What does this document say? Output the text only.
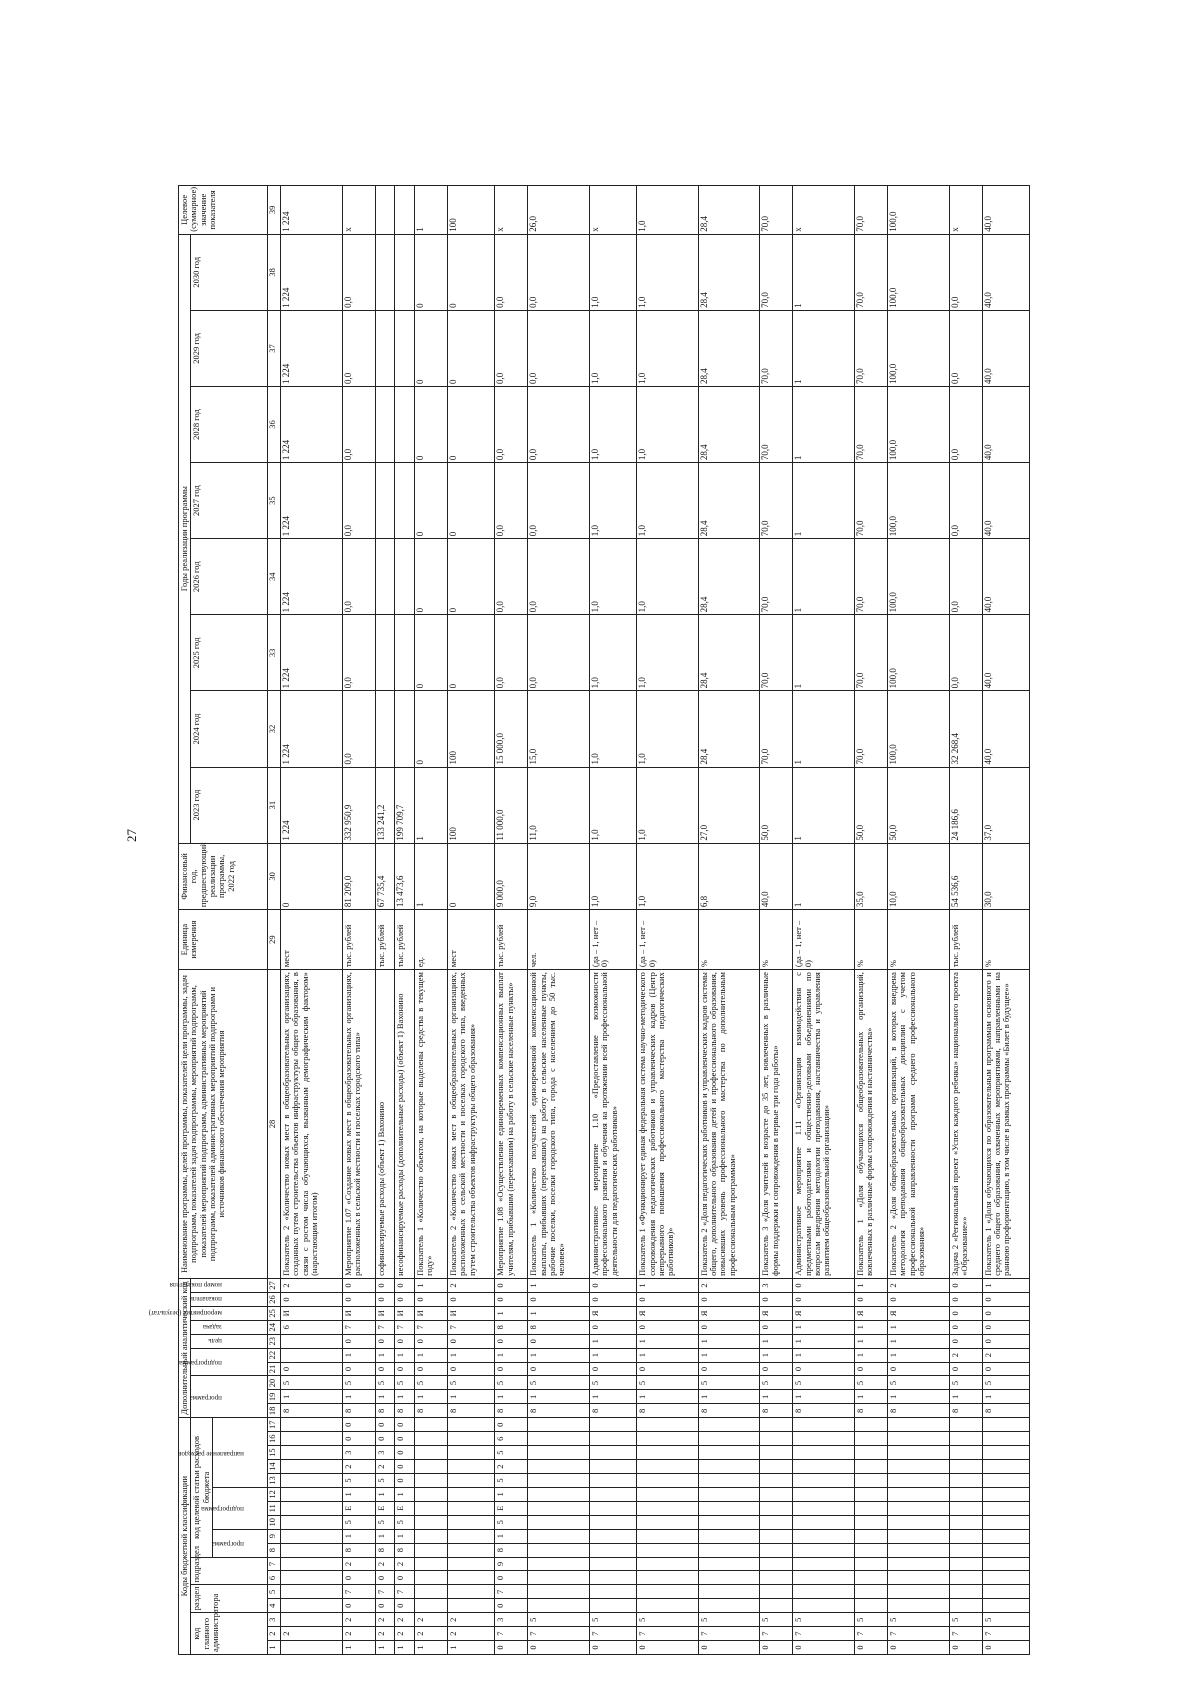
27
Коды бюджетной классификации																	Дополнительный аналитический код										Наименование программы, целей программы, показателей цели программы, задач подпрограмм, показателей задач подпрограммы, мероприятий подпрограмм, показателей мероприятий подпрограмм, административных мероприятий подпрограмм, показателей административных мероприятий подпрограмм и источников финансового обеспечения мероприятия	Единица измерения	Финансовый год, предшествующий реализации программы, 2022 год	Годы реализации программы								Целевое (суммарное) значение показателя
код главного администратора			раздел		подраздел		код целевой статьи расходов бюджета										программа			подпрограмма		цель	задача	мероприятие (результат)	показатель	номер показателя				2023 год	2024 год	2025 год	2026 год	2027 год	2028 год	2029 год	2030 год	

							программа		подпрограмма			направление расходов																										

1	2	3	4	5	6	7	8	9	10	11	12	13	14	15	16	17	18	19	20	21	22	23	24	25	26	27	28	29	30	31	32	33	34	35	36	37	38	39
	2																8	1	5	0			6	И	0	2	Показатель 2 «Количество новых мест в общеобразовательных организациях, созданных путем строительства объектов инфраструктуры общего образования, в связи с ростом числа обучающихся, вызванным демографическим фактором» (нарастающим итогом)	мест	0	1 224	1 224	1 224	1 224	1 224	1 224	1 224	1 224	1 224
1	2	2	0	7	0	2	8	1	5	Е	1	5	2	3	0	0	8	1	5	0	1	0	7	И	0	0	Мероприятие 1.07 «Создание новых мест в общеобразовательных организациях, расположенных в сельской местности и поселках городского типа»	тыс. рублей	81 209,0	332 950,9	0,0	0,0	0,0	0,0	0,0	0,0	0,0	х
1	2	2	0	7	0	2	8	1	5	Е	1	5	2	3	0	0	8	1	5	0	1	0	7	И	0	0	софинансируемые расходы (объект 1) Вахонино	тыс. рублей	67 735,4	133 241,2								
1	2	2	0	7	0	2	8	1	5	Е	1	0	0	0	0	0	8	1	5	0	1	0	7	И	0	0	несофинансируемые расходы (дополнительные расходы) (объект 1) Вахонино	тыс. рублей	13 473,6	199 709,7								
1	2	2															8	1	5	0	1	0	7	И	0	1	Показатель 1 «Количество объектов, на которые выделены средства в текущем году»	ед.	1	1	0	0	0	0	0	0	0	1
1	2	2															8	1	5	0	1	0	7	И	0	2	Показатель 2 «Количество новых мест в общеобразовательных организациях, расположенных в сельской местности и поселках городского типа, введенных путем строительства объектов инфраструктуры общего образования»	мест	0	100	100	0	0	0	0	0	0	100
0	7	3	0	7	0	9	8	1	5	Е	1	5	2	5	6	0	8	1	5	0	1	0	8	1	0	0	Мероприятие 1.08 «Осуществление единовременных компенсационных выплат учителям, прибывшим (переехавшим) на работу в сельские населенные пункты»	тыс. рублей	9 000,0	11 000,0	15 000,0	0,0	0,0	0,0	0,0	0,0	0,0	х
0	7	5															8	1	5	0	1	0	8	1	0	1	Показатель 1 «Количество получателей единовременной компенсационной выплаты, прибывших (переехавших) на работу в сельские населенные пункты, рабочие поселки, поселки городского типа, города с населением до 50 тыс. человек»	чел.	9,0	11,0	15,0	0,0	0,0	0,0	0,0	0,0	0,0	26,0
0	7	5															8	1	5	0	1	1	0	Я	0	0	Административное мероприятие 1.10 «Предоставление возможности профессионального развития и обучения на протяжении всей профессиональной деятельности для педагогических работников»	(да – 1, нет – 0)	1,0	1,0	1,0	1,0	1,0	1,0	1,0	1,0	1,0	х
0	7	5															8	1	5	0	1	1	0	Я	0	1	Показатель 1 «Функционирует единая федеральная система научно-методического сопровождения педагогических работников и управленческих кадров (Центр непрерывного повышения профессионального мастерства педагогических работников)»	(да – 1, нет – 0)	1,0	1,0	1,0	1,0	1,0	1,0	1,0	1,0	1,0	1,0
0	7	5															8	1	5	0	1	1	0	Я	0	2	Показатель 2 «Доля педагогических работников и управленческих кадров системы общего, дополнительного образования детей и профессионального образования, повысивших уровень профессионального мастерства по дополнительным профессиональным программам»	%	6,8	27,0	28,4	28,4	28,4	28,4	28,4	28,4	28,4	28,4
0	7	5															8	1	5	0	1	1	0	Я	0	3	Показатель 3 «Доля учителей в возрасте до 35 лет, вовлеченных в различные формы поддержки и сопровождения в первые три года работы»	%	40,0	50,0	70,0	70,0	70,0	70,0	70,0	70,0	70,0	70,0
0	7	5															8	1	5	0	1	1	1	Я	0	0	Административное мероприятие 1.11 «Организация взаимодействия с предметными работодателями и общественно-деловыми объединениями по вопросам внедрения методологии преподавания, наставничества и управления развитием общеобразовательной организации»	(да – 1, нет – 0)	1	1	1	1	1	1	1	1	1	х
0	7	5															8	1	5	0	1	1	1	Я	0	1	Показатель 1 «Доля обучающихся общеобразовательных организаций, вовлеченных в различные формы сопровождения и наставничества»	%	35,0	50,0	70,0	70,0	70,0	70,0	70,0	70,0	70,0	70,0
0	7	5															8	1	5	0	1	1	1	Я	0	2	Показатель 2 «Доля общеобразовательных организаций, в которых внедрена методология преподавания общеобразовательных дисциплин с учетом профессиональной направленности программ среднего профессионального образования»	%	10,0	50,0	100,0	100,0	100,0	100,0	100,0	100,0	100,0	100,0
0	7	5															8	1	5	0	2	0	0	0	0	0	Задача 2 «Региональный проект «Успех каждого ребенка» национального проекта «Образование»»	тыс. рублей	54 536,6	24 186,6	32 268,4	0,0	0,0	0,0	0,0	0,0	0,0	х
0	7	5															8	1	5	0	2	0	0	0	0	1	Показатель 1 «Доля обучающихся по образовательным программам основного и среднего общего образования, охваченных мероприятиями, направленными на раннюю профориентацию, в том числе в рамках программы «Билет в будущее»»	%	30,0	37,0	40,0	40,0	40,0	40,0	40,0	40,0	40,0	40,0
